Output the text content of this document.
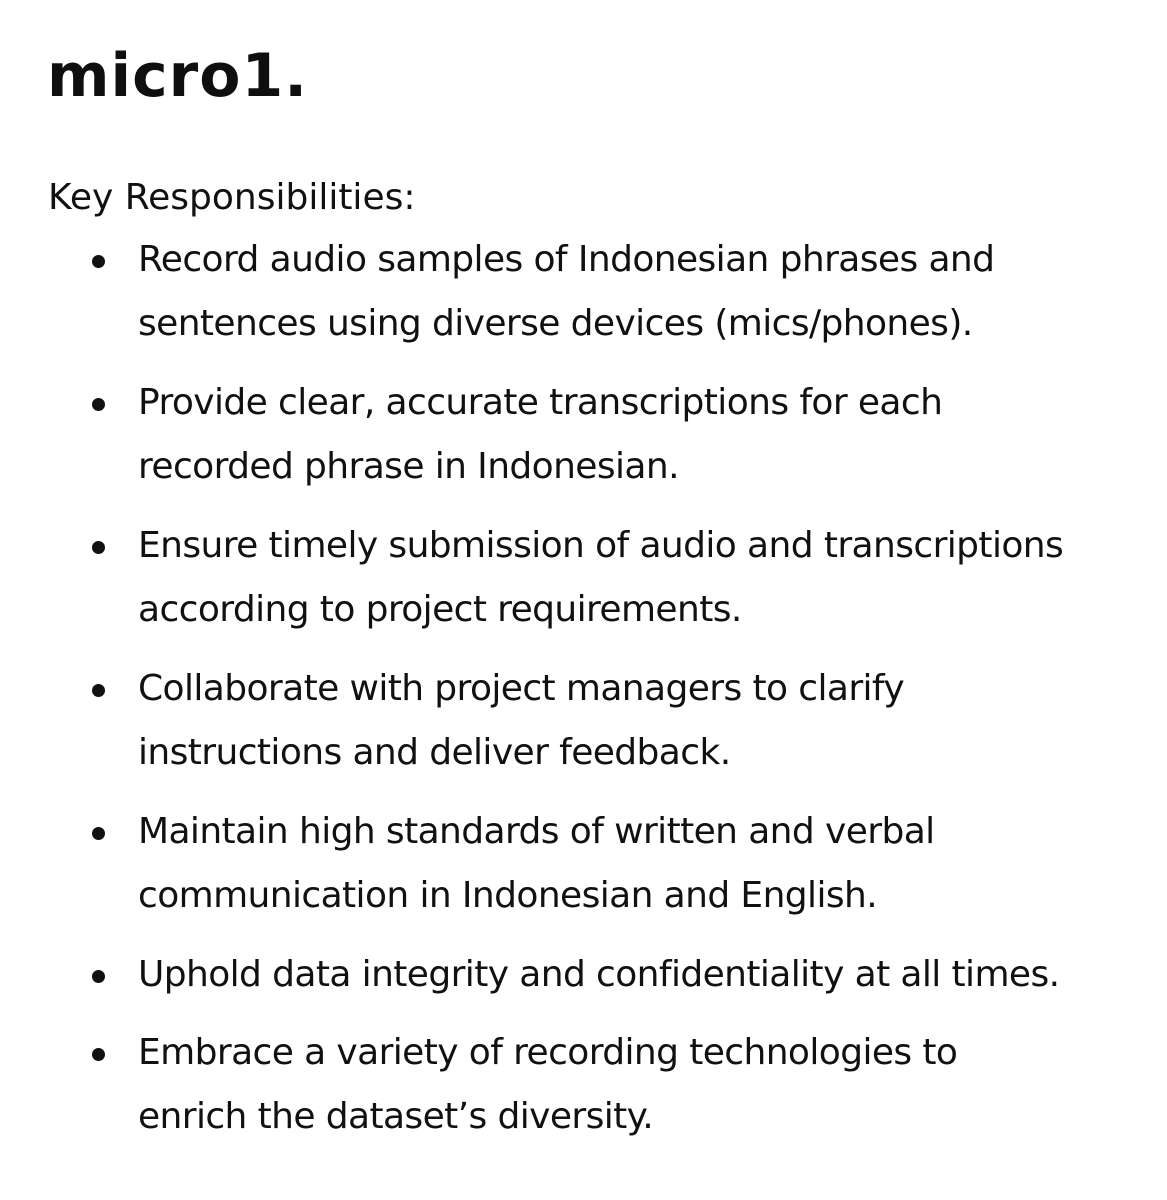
micro1.
Key Responsibilities:
Record audio samples of Indonesian phrases and
sentences using diverse devices (mics/phones).
Provide clear, accurate transcriptions for each
recorded phrase in Indonesian.
Ensure timely submission of audio and transcriptions
according to project requirements.
Collaborate with project managers to clarify
instructions and deliver feedback.
Maintain high standards of written and verbal
communication in Indonesian and English.
Uphold data integrity and confidentiality at all times.
Embrace a variety of recording technologies to
enrich the dataset’s diversity.
